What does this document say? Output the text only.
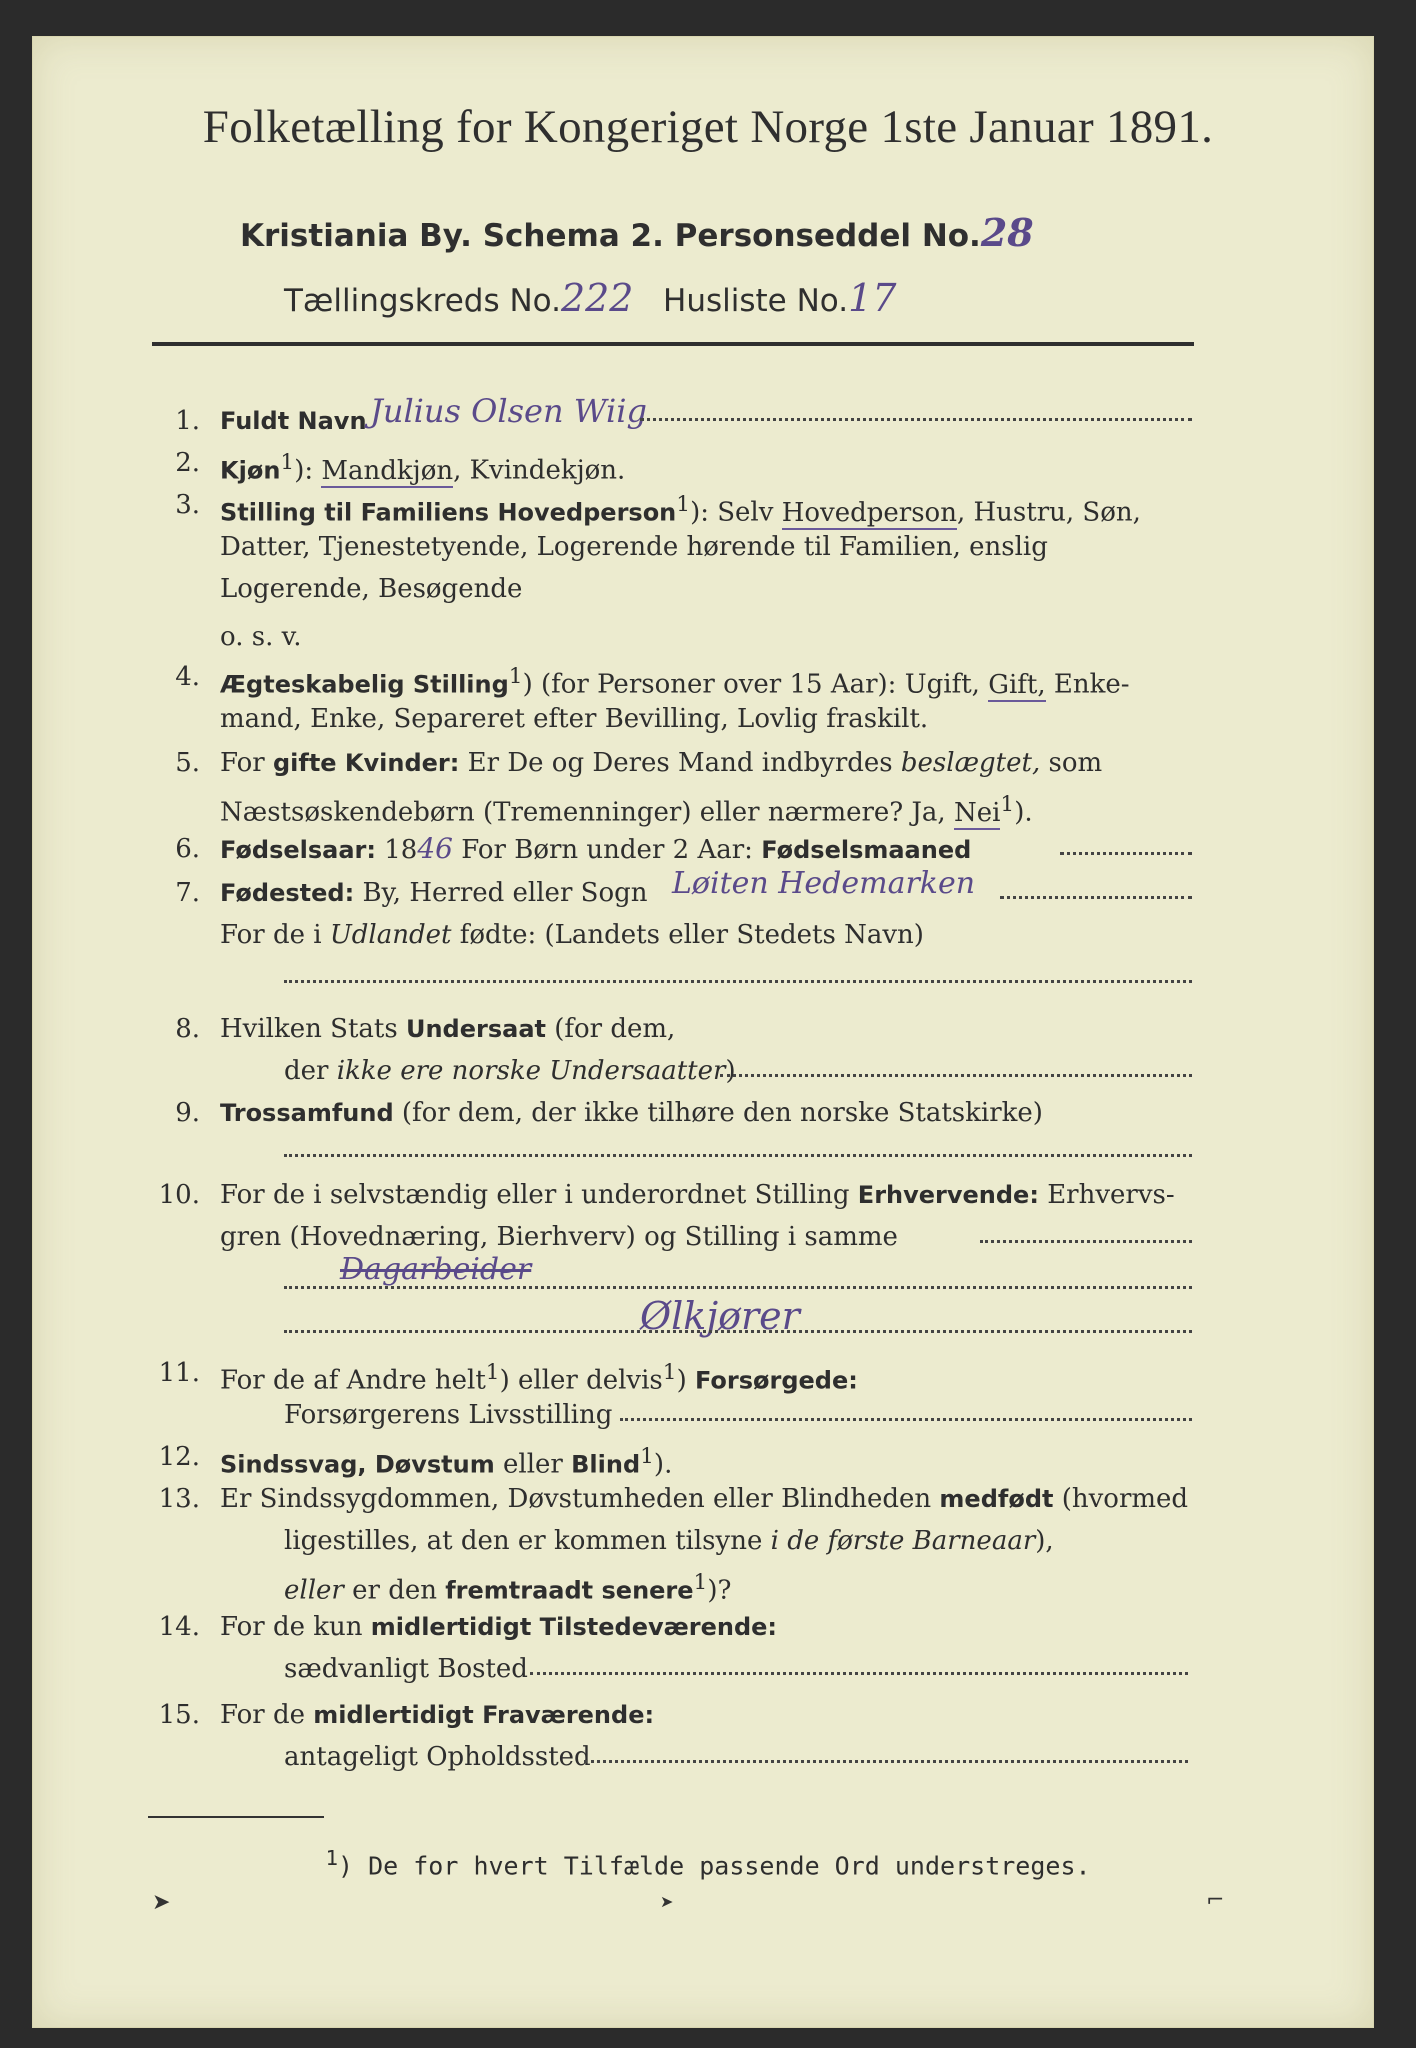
Folketælling for Kongeriget Norge 1ste Januar 1891.
Kristiania By. Schema 2. Personseddel No.28
Tællingskreds No.222 Husliste No.17
1. Fuldt Navn Julius Olsen Wiig
2. Kjøn$^1$): Mandkjøn, Kvindekjøn.
3. Stilling til Familiens Hovedperson$^1$): Selv Hovedperson, Hustru, Søn,
Datter, Tjenestetyende, Logerende hørende til Familien, enslig
Logerende, Besøgende
o. s. v.
4. Ægteskabelig Stilling$^1$) (for Personer over 15 Aar): Ugift, Gift, Enke-
mand, Enke, Separeret efter Bevilling, Lovlig fraskilt.
5. For gifte Kvinder: Er De og Deres Mand indbyrdes beslægtet, som
Næstsøskendebørn (Tremenninger) eller nærmere? Ja, Nei$^1$).
6. Fødselsaar: 1846 For Børn under 2 Aar: Fødselsmaaned
7. Fødested: By, Herred eller Sogn Løiten Hedemarken
For de i Udlandet fødte: (Landets eller Stedets Navn)
8. Hvilken Stats Undersaat (for dem,
der ikke ere norske Undersaatter)
9. Trossamfund (for dem, der ikke tilhøre den norske Statskirke)
10. For de i selvstændig eller i underordnet Stilling Erhvervende: Erhvervs-
gren (Hovednæring, Bierhverv) og Stilling i samme
Dagarbeider
Ølkjører
11. For de af Andre helt$^1$) eller delvis$^1$) Forsørgede:
Forsørgerens Livsstilling
12. Sindssvag, Døvstum eller Blind$^1$).
13. Er Sindssygdommen, Døvstumheden eller Blindheden medfødt (hvormed
ligestilles, at den er kommen tilsyne i de første Barneaar),
eller er den fremtraadt senere$^1$)?
14. For de kun midlertidigt Tilstedeværende:
sædvanligt Bosted
15. For de midlertidigt Fraværende:
antageligt Opholdssted
$^1$) De for hvert Tilfælde passende Ord understreges.
➤	➤	⌐
